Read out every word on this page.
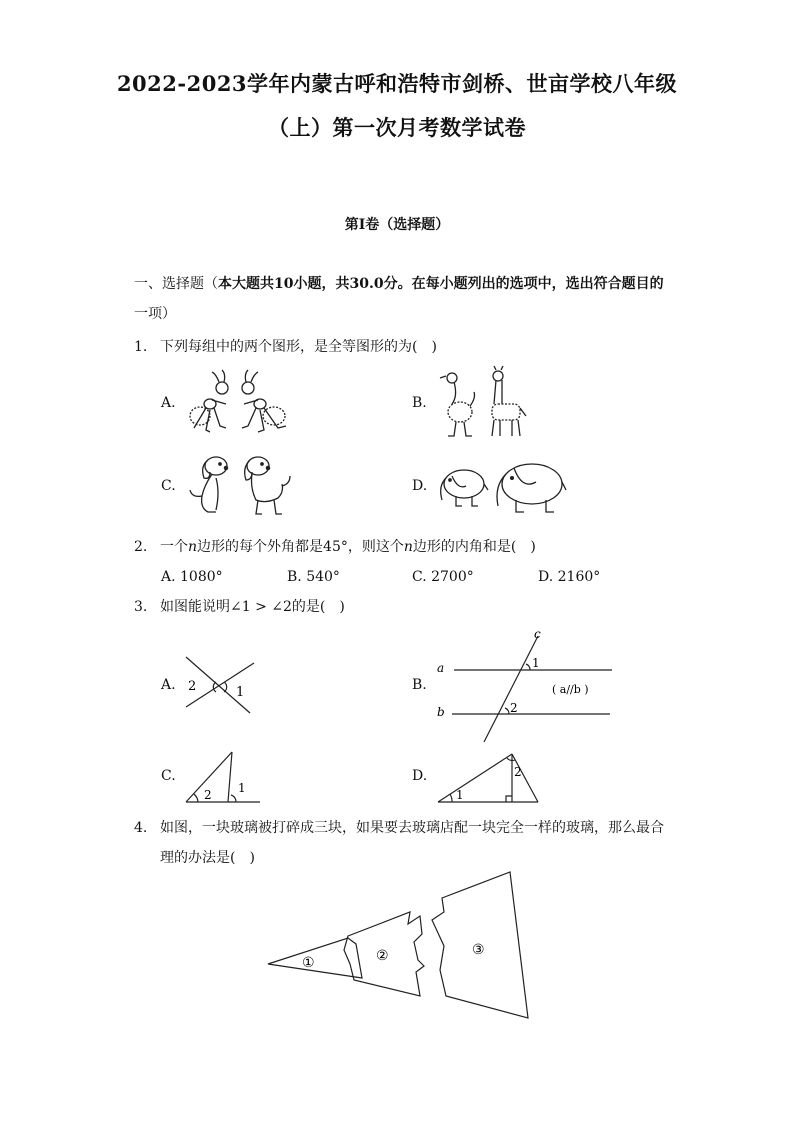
2022-2023学年内蒙古呼和浩特市剑桥、世亩学校八年级
（上）第一次月考数学试卷
第Ⅰ卷（选择题）
一、选择题（本大题共10小题，共30.0分。在每小题列出的选项中，选出符合题目的
一项）
1. 下列每组中的两个图形，是全等图形的为(　)
A.	B.
C.	D.
2. 一个n边形的每个外角都是45°，则这个n边形的内角和是(　)
A. 1080°	B. 540°	C. 2700°	D. 2160°
3. 如图能说明∠1 > ∠2的是(　)
A.	B.
C.	D.
2	1
c
a
b
1
2
( a//b )
2 1	1
2
4. 如图，一块玻璃被打碎成三块，如果要去玻璃店配一块完全一样的玻璃，那么最合
理的办法是(　)
①	②	③
